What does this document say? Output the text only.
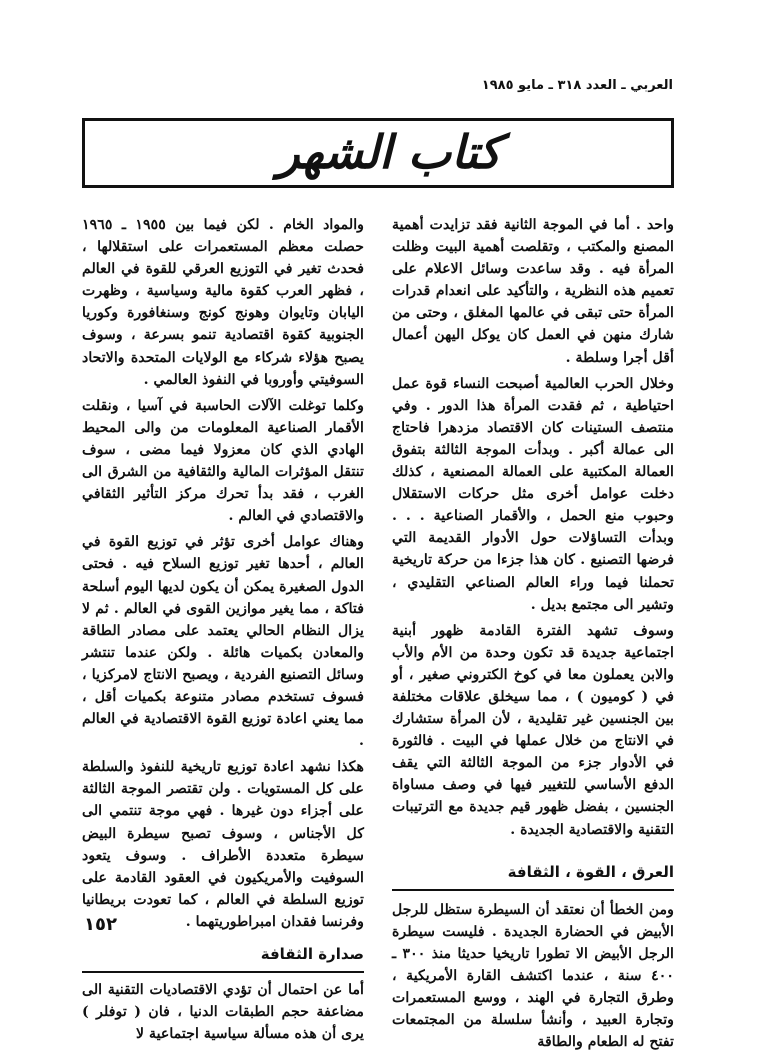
العربي ـ العدد ٣١٨ ـ مايو ١٩٨٥
كتاب الشهر

واحد . أما في الموجة الثانية فقد تزايدت أهمية المصنع والمكتب ، وتقلصت أهمية البيت وظلت المرأة فيه . وقد ساعدت وسائل الاعلام على تعميم هذه النظرية ، والتأكيد على انعدام قدرات المرأة حتى تبقى في عالمها المغلق ، وحتى من شارك منهن في العمل كان يوكل اليهن أعمال أقل أجرا وسلطة .

وخلال الحرب العالمية أصبحت النساء قوة عمل احتياطية ، ثم فقدت المرأة هذا الدور . وفي منتصف الستينات كان الاقتصاد مزدهرا فاحتاج الى عمالة أكبر . وبدأت الموجة الثالثة بتفوق العمالة المكتبية على العمالة المصنعية ، كذلك دخلت عوامل أخرى مثل حركات الاستقلال وحبوب منع الحمل ، والأقمار الصناعية . . . وبدأت التساؤلات حول الأدوار القديمة التي فرضها التصنيع . كان هذا جزءا من حركة تاريخية تحملنا فيما وراء العالم الصناعي التقليدي ، وتشير الى مجتمع بديل .

وسوف تشهد الفترة القادمة ظهور أبنية اجتماعية جديدة قد تكون وحدة من الأم والأب والابن يعملون معا في كوخ الكتروني صغير ، أو في ( كوميون ) ، مما سيخلق علاقات مختلفة بين الجنسين غير تقليدية ، لأن المرأة ستشارك في الانتاج من خلال عملها في البيت . فالثورة في الأدوار جزء من الموجة الثالثة التي يقف الدفع الأساسي للتغيير فيها في وصف مساواة الجنسين ، بفضل ظهور قيم جديدة مع الترتيبات التقنية والاقتصادية الجديدة .

العرق ، القوة ، الثقافة

ومن الخطأ أن نعتقد أن السيطرة ستظل للرجل الأبيض في الحضارة الجديدة . فليست سيطرة الرجل الأبيض الا تطورا تاريخيا حديثا منذ ٣٠٠ ـ ٤٠٠ سنة ، عندما اكتشف القارة الأمريكية ، وطرق التجارة في الهند ، ووسع المستعمرات وتجارة العبيد ، وأنشأ سلسلة من المجتمعات تفتح له الطعام والطاقة

والمواد الخام . لكن فيما بين ١٩٥٥ ـ ١٩٦٥ حصلت معظم المستعمرات على استقلالها ، فحدث تغير في التوزيع العرقي للقوة في العالم ، فظهر العرب كقوة مالية وسياسية ، وظهرت اليابان وتايوان وهونج كونج وسنغافورة وكوريا الجنوبية كقوة اقتصادية تنمو بسرعة ، وسوف يصبح هؤلاء شركاء مع الولايات المتحدة والاتحاد السوفيتي وأوروبا في النفوذ العالمي .

وكلما توغلت الآلات الحاسبة في آسيا ، ونقلت الأقمار الصناعية المعلومات من والى المحيط الهادي الذي كان معزولا فيما مضى ، سوف تنتقل المؤثرات المالية والثقافية من الشرق الى الغرب ، فقد بدأ تحرك مركز التأثير الثقافي والاقتصادي في العالم .

وهناك عوامل أخرى تؤثر في توزيع القوة في العالم ، أحدها تغير توزيع السلاح فيه . فحتى الدول الصغيرة يمكن أن يكون لديها اليوم أسلحة فتاكة ، مما يغير موازين القوى في العالم . ثم لا يزال النظام الحالي يعتمد على مصادر الطاقة والمعادن بكميات هائلة . ولكن عندما تنتشر وسائل التصنيع الفردية ، ويصبح الانتاج لامركزيا ، فسوف تستخدم مصادر متنوعة بكميات أقل ، مما يعني اعادة توزيع القوة الاقتصادية في العالم .

هكذا نشهد اعادة توزيع تاريخية للنفوذ والسلطة على كل المستويات . ولن تقتصر الموجة الثالثة على أجزاء دون غيرها . فهي موجة تنتمي الى كل الأجناس ، وسوف تصبح سيطرة البيض سيطرة متعددة الأطراف . وسوف يتعود السوفيت والأمريكيون في العقود القادمة على توزيع السلطة في العالم ، كما تعودت بريطانيا وفرنسا فقدان امبراطوريتهما .

صدارة الثقافة

أما عن احتمال أن تؤدي الاقتصاديات التقنية الى مضاعفة حجم الطبقات الدنيا ، فان ( توفلر ) يرى أن هذه مسألة سياسية اجتماعية لا

١٥٢
